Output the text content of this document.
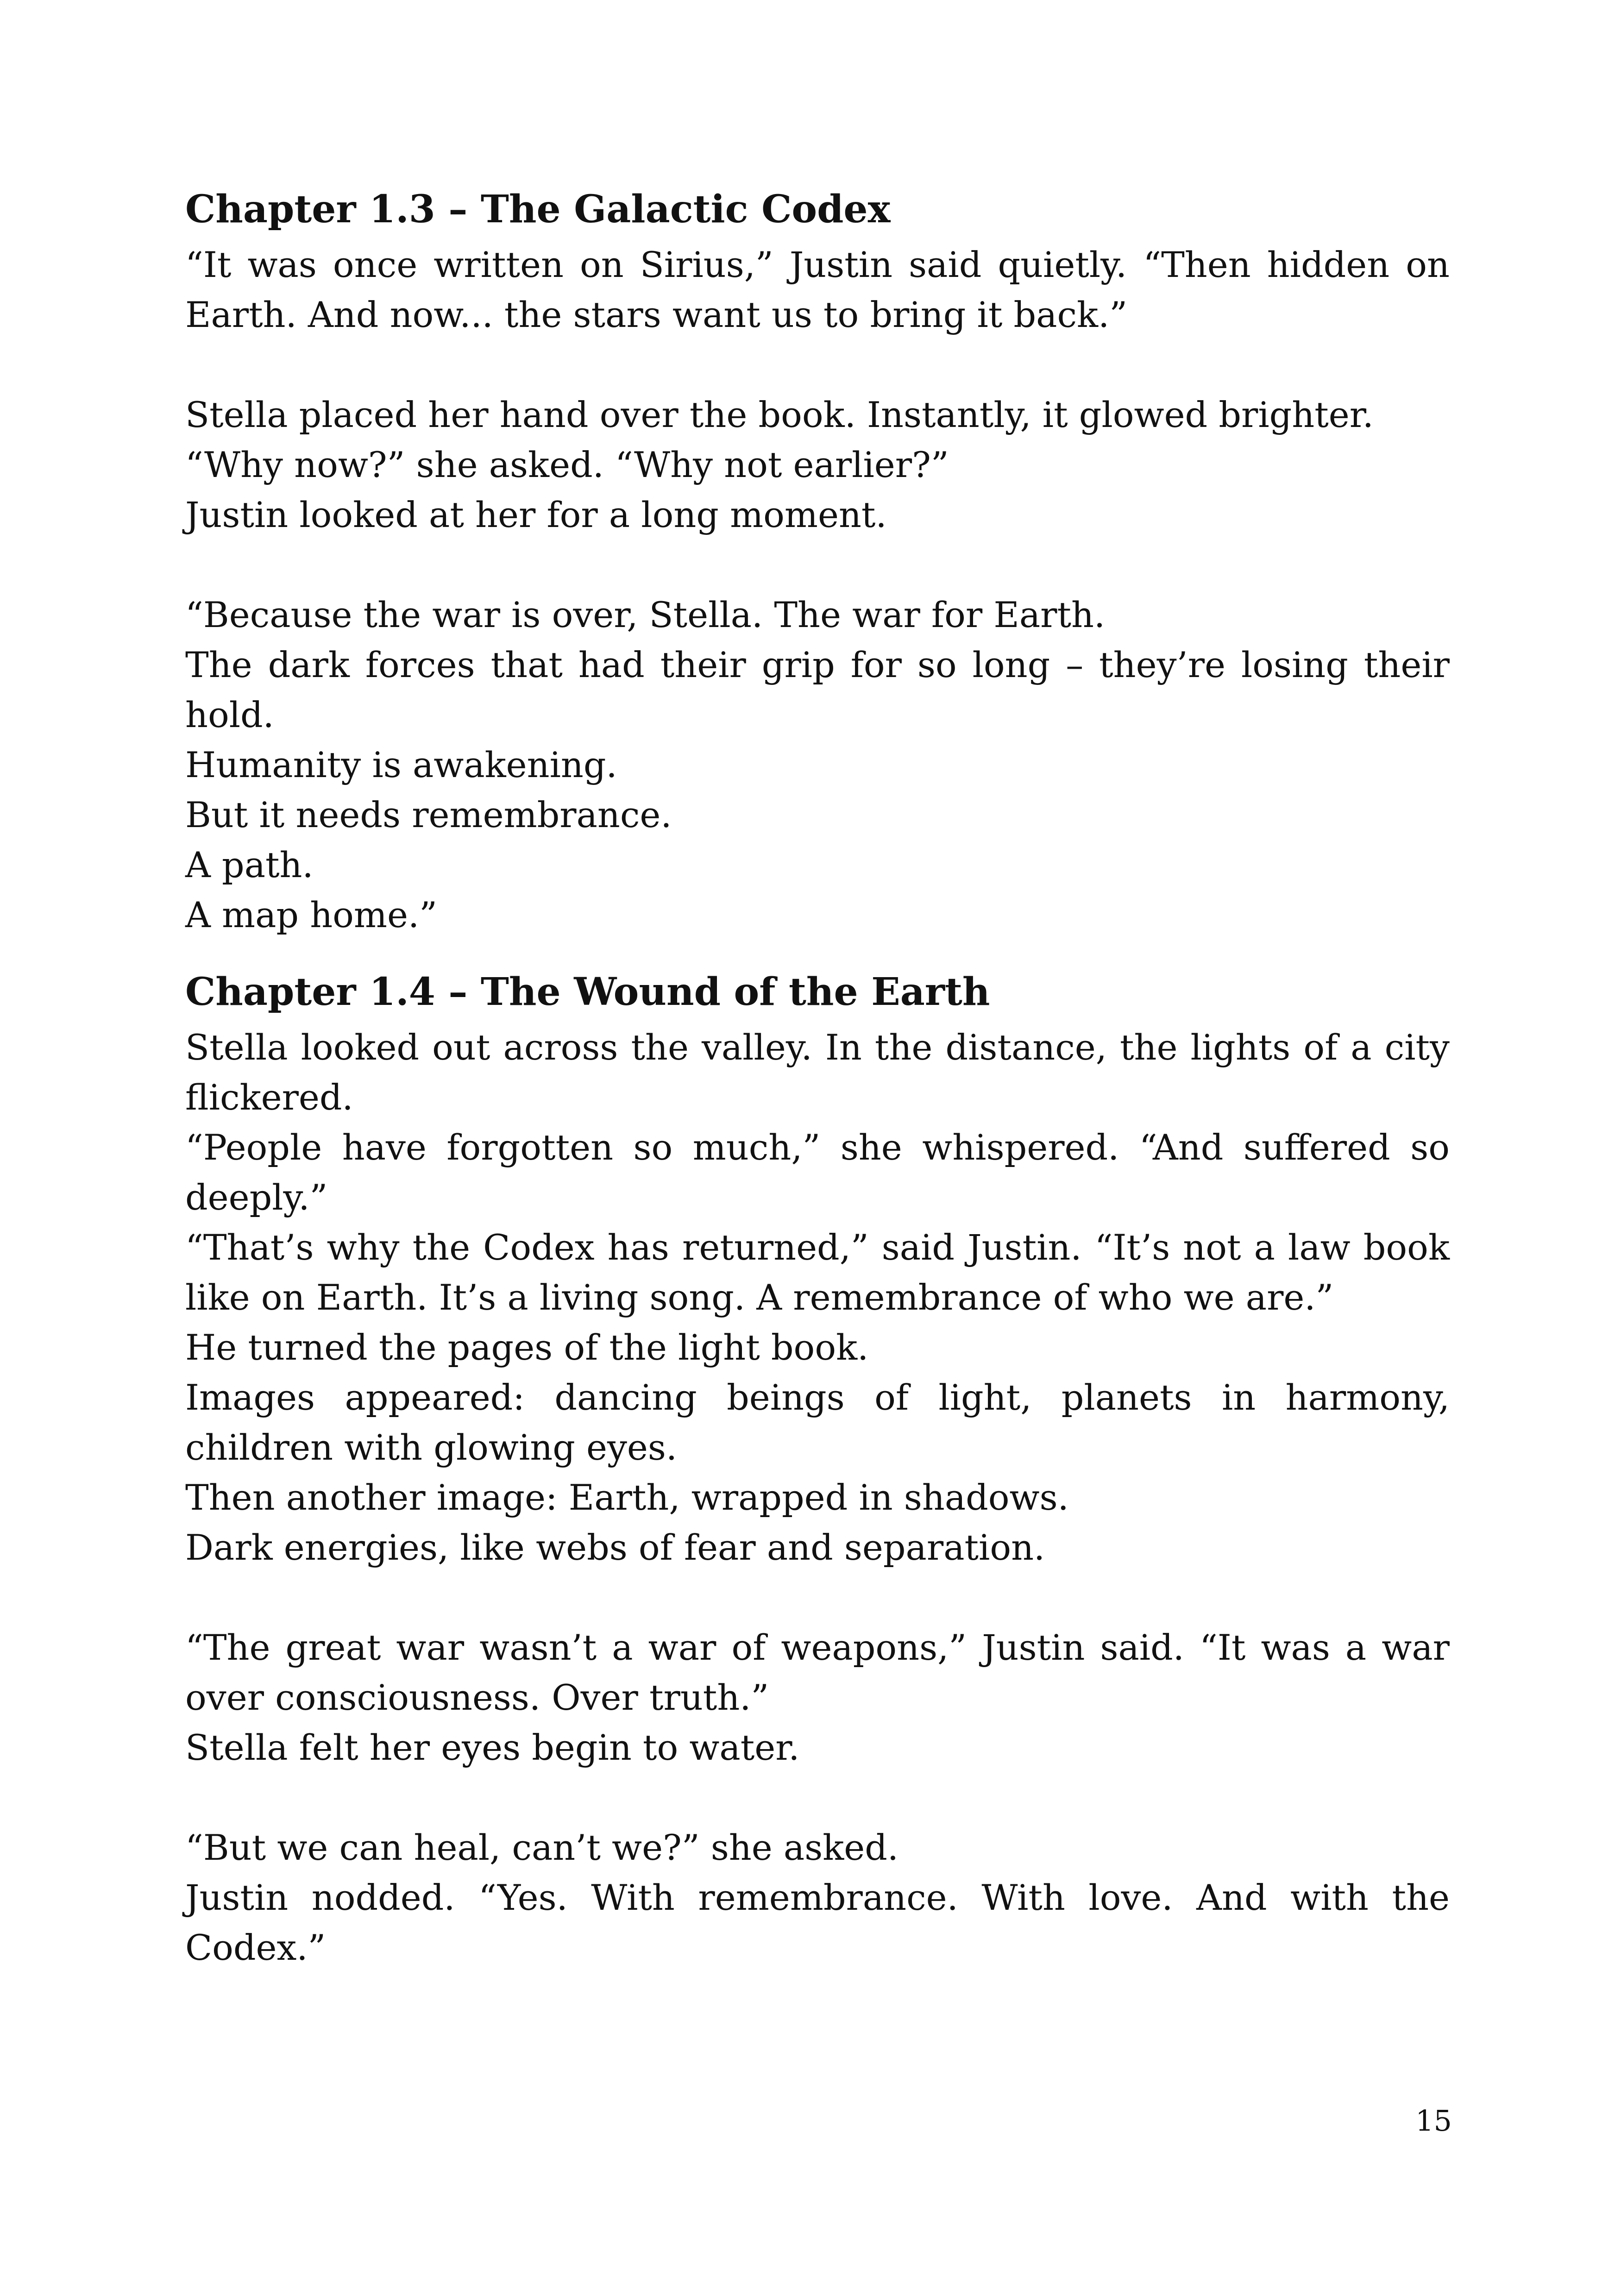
Chapter 1.3 – The Galactic Codex

“It was once written on Sirius,” Justin said quietly. “Then hidden on Earth. And now... the stars want us to bring it back.”

Stella placed her hand over the book. Instantly, it glowed brighter.

“Why now?” she asked. “Why not earlier?”

Justin looked at her for a long moment.

“Because the war is over, Stella. The war for Earth.

The dark forces that had their grip for so long – they’re losing their hold.

Humanity is awakening.

But it needs remembrance.

A path.

A map home.”

Chapter 1.4 – The Wound of the Earth

Stella looked out across the valley. In the distance, the lights of a city flickered.

“People have forgotten so much,” she whispered. “And suffered so deeply.”

“That’s why the Codex has returned,” said Justin. “It’s not a law book like on Earth. It’s a living song. A remembrance of who we are.”

He turned the pages of the light book.

Images appeared: dancing beings of light, planets in harmony, children with glowing eyes.

Then another image: Earth, wrapped in shadows.

Dark energies, like webs of fear and separation.

“The great war wasn’t a war of weapons,” Justin said. “It was a war over consciousness. Over truth.”

Stella felt her eyes begin to water.

“But we can heal, can’t we?” she asked.

Justin nodded. “Yes. With remembrance. With love. And with the Codex.”

15
